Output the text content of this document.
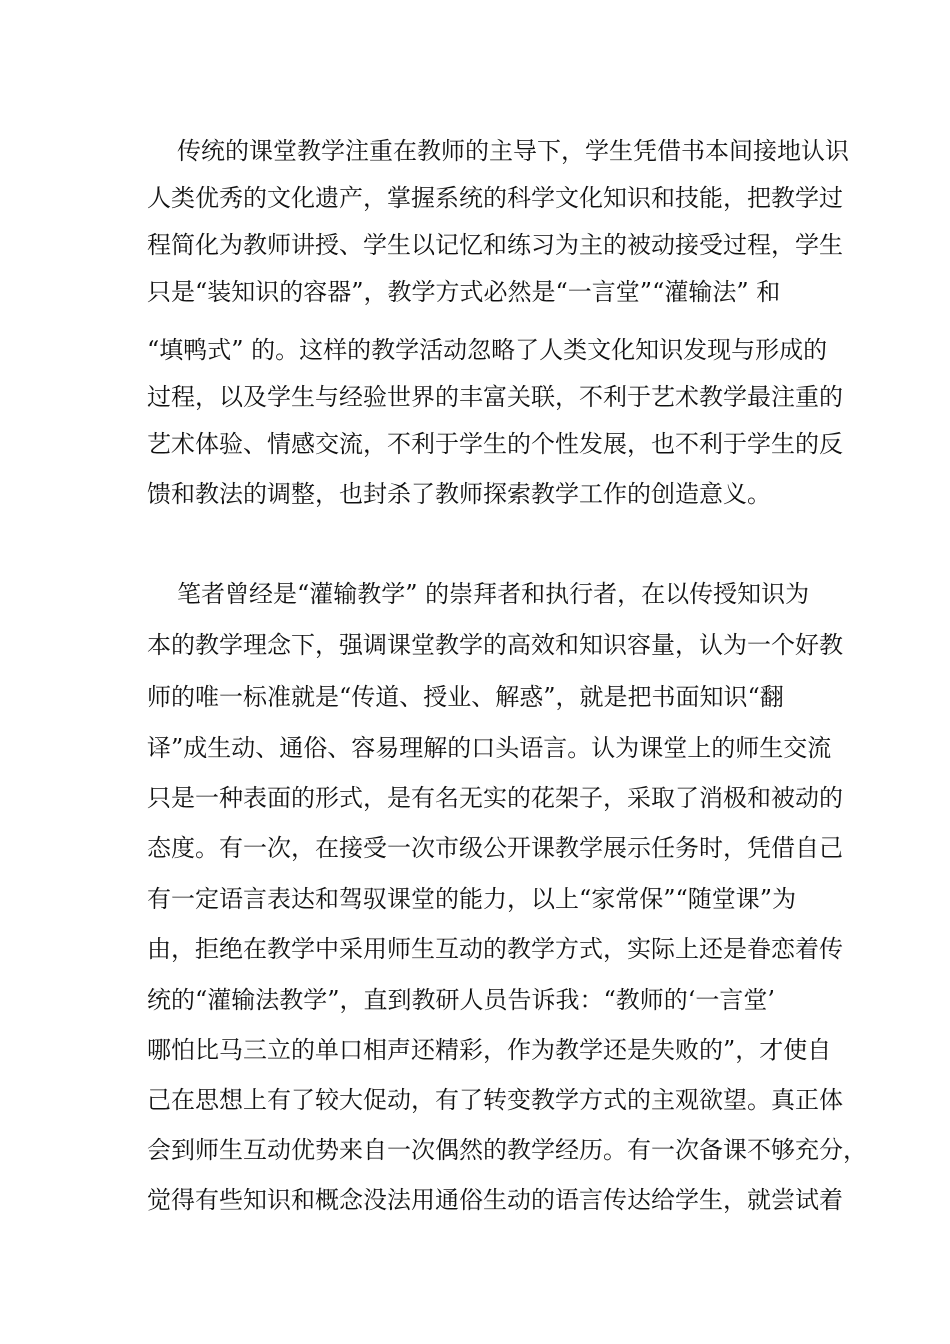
传统的课堂教学注重在教师的主导下，学生凭借书本间接地认识
人类优秀的文化遗产，掌握系统的科学文化知识和技能，把教学过
程简化为教师讲授、学生以记忆和练习为主的被动接受过程，学生
只是“装知识的容器”，教学方式必然是“一言堂”“灌输法” 和
“填鸭式” 的。这样的教学活动忽略了人类文化知识发现与形成的
过程，以及学生与经验世界的丰富关联，不利于艺术教学最注重的
艺术体验、情感交流，不利于学生的个性发展，也不利于学生的反
馈和教法的调整，也封杀了教师探索教学工作的创造意义。
笔者曾经是“灌输教学” 的崇拜者和执行者，在以传授知识为
本的教学理念下，强调课堂教学的高效和知识容量，认为一个好教
师的唯一标准就是“传道、授业、解惑”，就是把书面知识“翻
译”成生动、通俗、容易理解的口头语言。认为课堂上的师生交流
只是一种表面的形式，是有名无实的花架子，采取了消极和被动的
态度。有一次，在接受一次市级公开课教学展示任务时，凭借自己
有一定语言表达和驾驭课堂的能力，以上“家常保”“随堂课”为
由，拒绝在教学中采用师生互动的教学方式，实际上还是眷恋着传
统的“灌输法教学”，直到教研人员告诉我：“教师的‘一言堂’
哪怕比马三立的单口相声还精彩，作为教学还是失败的”，才使自
己在思想上有了较大促动，有了转变教学方式的主观欲望。真正体
会到师生互动优势来自一次偶然的教学经历。有一次备课不够充分，
觉得有些知识和概念没法用通俗生动的语言传达给学生，就尝试着
